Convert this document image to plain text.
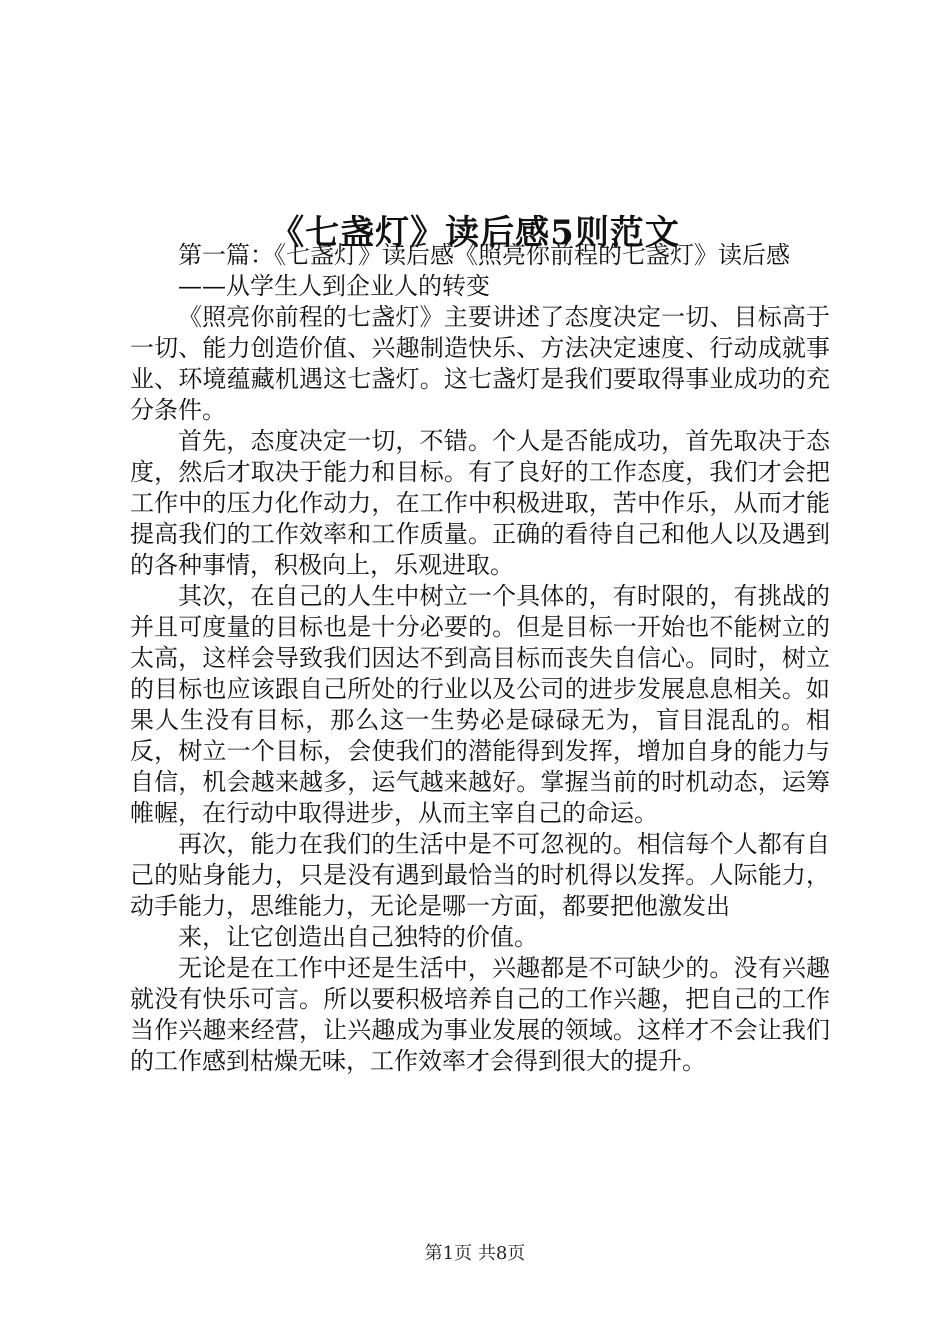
《七盏灯》读后感5则范文

第一篇：《七盏灯》读后感《照亮你前程的七盏灯》读后感

——从学生人到企业人的转变

《照亮你前程的七盏灯》主要讲述了态度决定一切、目标高于一切、能力创造价值、兴趣制造快乐、方法决定速度、行动成就事业、环境蕴藏机遇这七盏灯。这七盏灯是我们要取得事业成功的充分条件。

首先，态度决定一切，不错。个人是否能成功，首先取决于态度，然后才取决于能力和目标。有了良好的工作态度，我们才会把工作中的压力化作动力，在工作中积极进取，苦中作乐，从而才能提高我们的工作效率和工作质量。正确的看待自己和他人以及遇到的各种事情，积极向上，乐观进取。

其次，在自己的人生中树立一个具体的，有时限的，有挑战的并且可度量的目标也是十分必要的。但是目标一开始也不能树立的太高，这样会导致我们因达不到高目标而丧失自信心。同时，树立的目标也应该跟自己所处的行业以及公司的进步发展息息相关。如果人生没有目标，那么这一生势必是碌碌无为，盲目混乱的。相反，树立一个目标，会使我们的潜能得到发挥，增加自身的能力与自信，机会越来越多，运气越来越好。掌握当前的时机动态，运筹帷幄，在行动中取得进步，从而主宰自己的命运。

再次，能力在我们的生活中是不可忽视的。相信每个人都有自己的贴身能力，只是没有遇到最恰当的时机得以发挥。人际能力，动手能力，思维能力，无论是哪一方面，都要把他激发出

来，让它创造出自己独特的价值。

无论是在工作中还是生活中，兴趣都是不可缺少的。没有兴趣就没有快乐可言。所以要积极培养自己的工作兴趣，把自己的工作当作兴趣来经营，让兴趣成为事业发展的领域。这样才不会让我们的工作感到枯燥无味，工作效率才会得到很大的提升。

第1页 共8页
